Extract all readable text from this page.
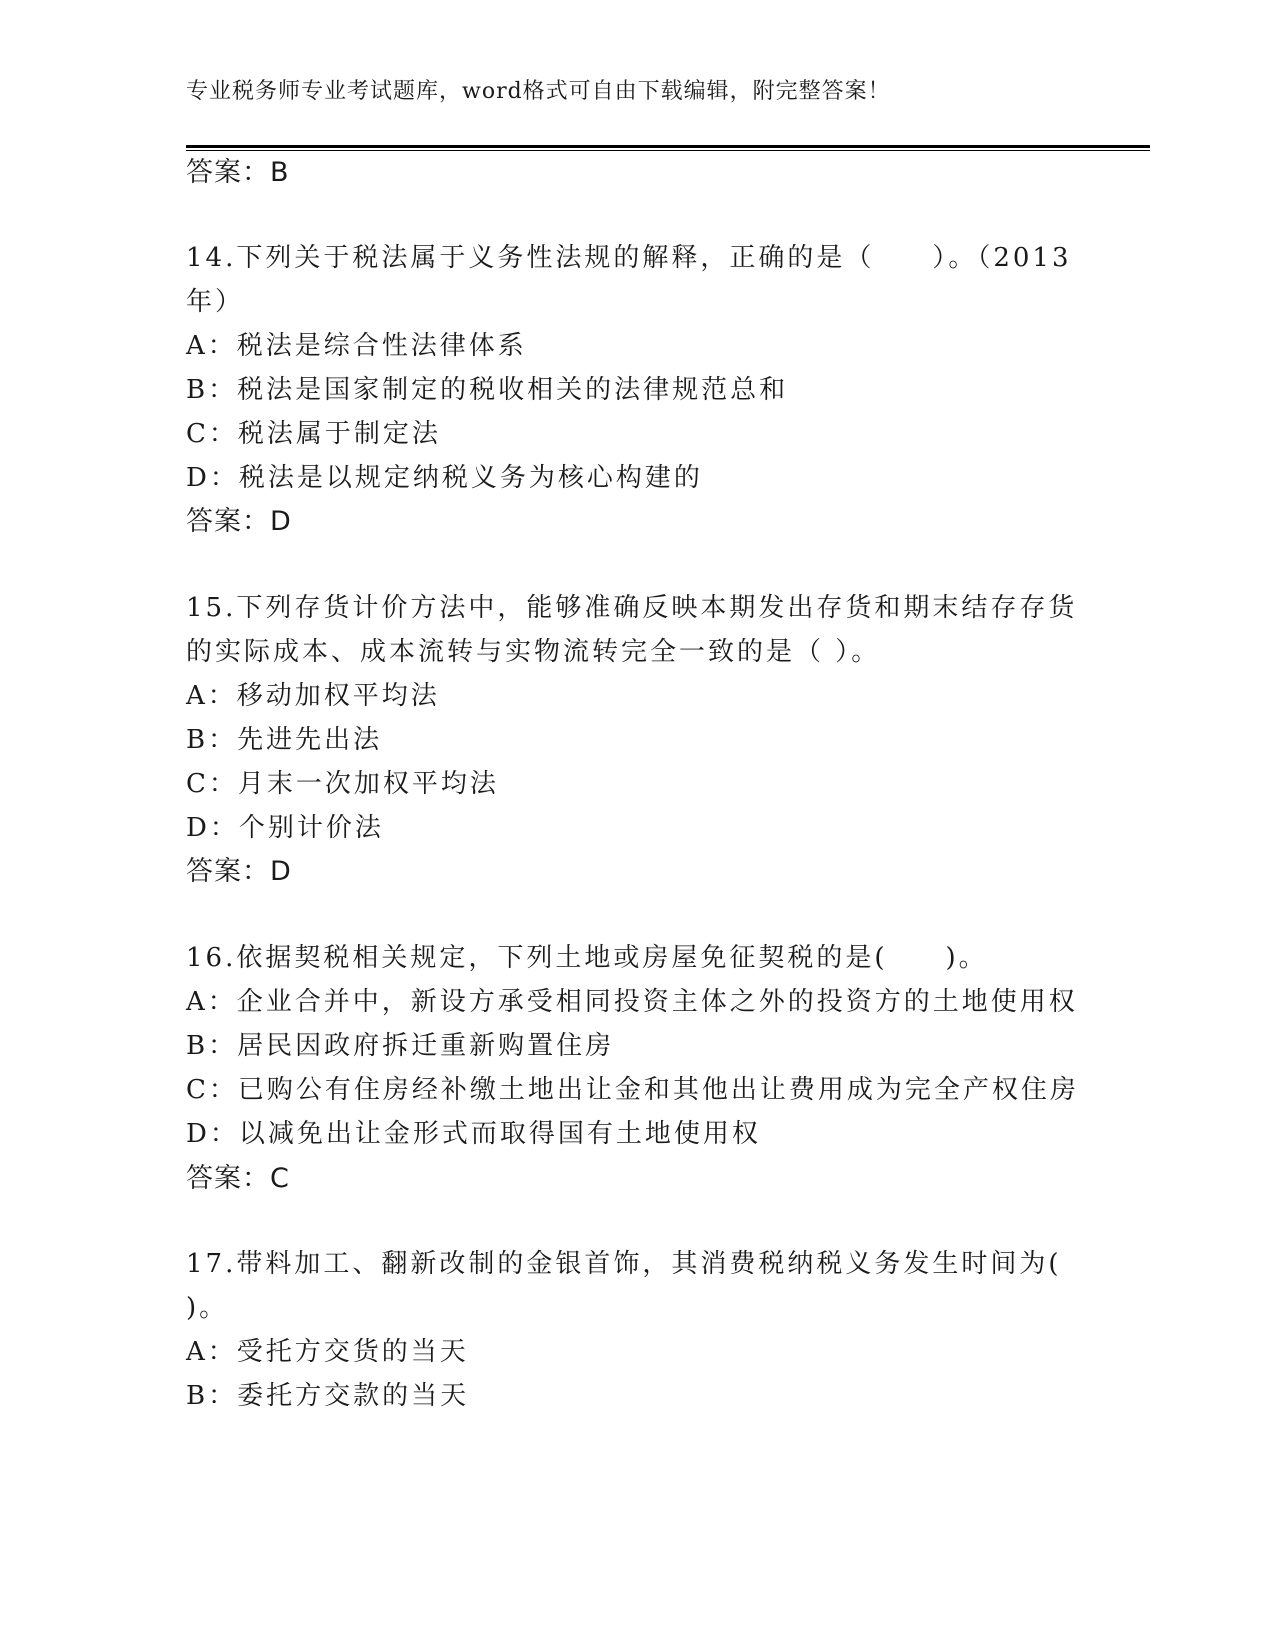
专业税务师专业考试题库，word格式可自由下载编辑，附完整答案！
答案：B
14.下列关于税法属于义务性法规的解释，正确的是（　　）。（2013
年）
A：税法是综合性法律体系
B：税法是国家制定的税收相关的法律规范总和
C：税法属于制定法
D：税法是以规定纳税义务为核心构建的
答案：D
15.下列存货计价方法中，能够准确反映本期发出存货和期末结存存货
的实际成本、成本流转与实物流转完全一致的是（ ）。
A：移动加权平均法
B：先进先出法
C：月末一次加权平均法
D：个别计价法
答案：D
16.依据契税相关规定，下列土地或房屋免征契税的是(　　)。
A：企业合并中，新设方承受相同投资主体之外的投资方的土地使用权
B：居民因政府拆迁重新购置住房
C：已购公有住房经补缴土地出让金和其他出让费用成为完全产权住房
D：以减免出让金形式而取得国有土地使用权
答案：C
17.带料加工、翻新改制的金银首饰，其消费税纳税义务发生时间为(
)。
A：受托方交货的当天
B：委托方交款的当天
